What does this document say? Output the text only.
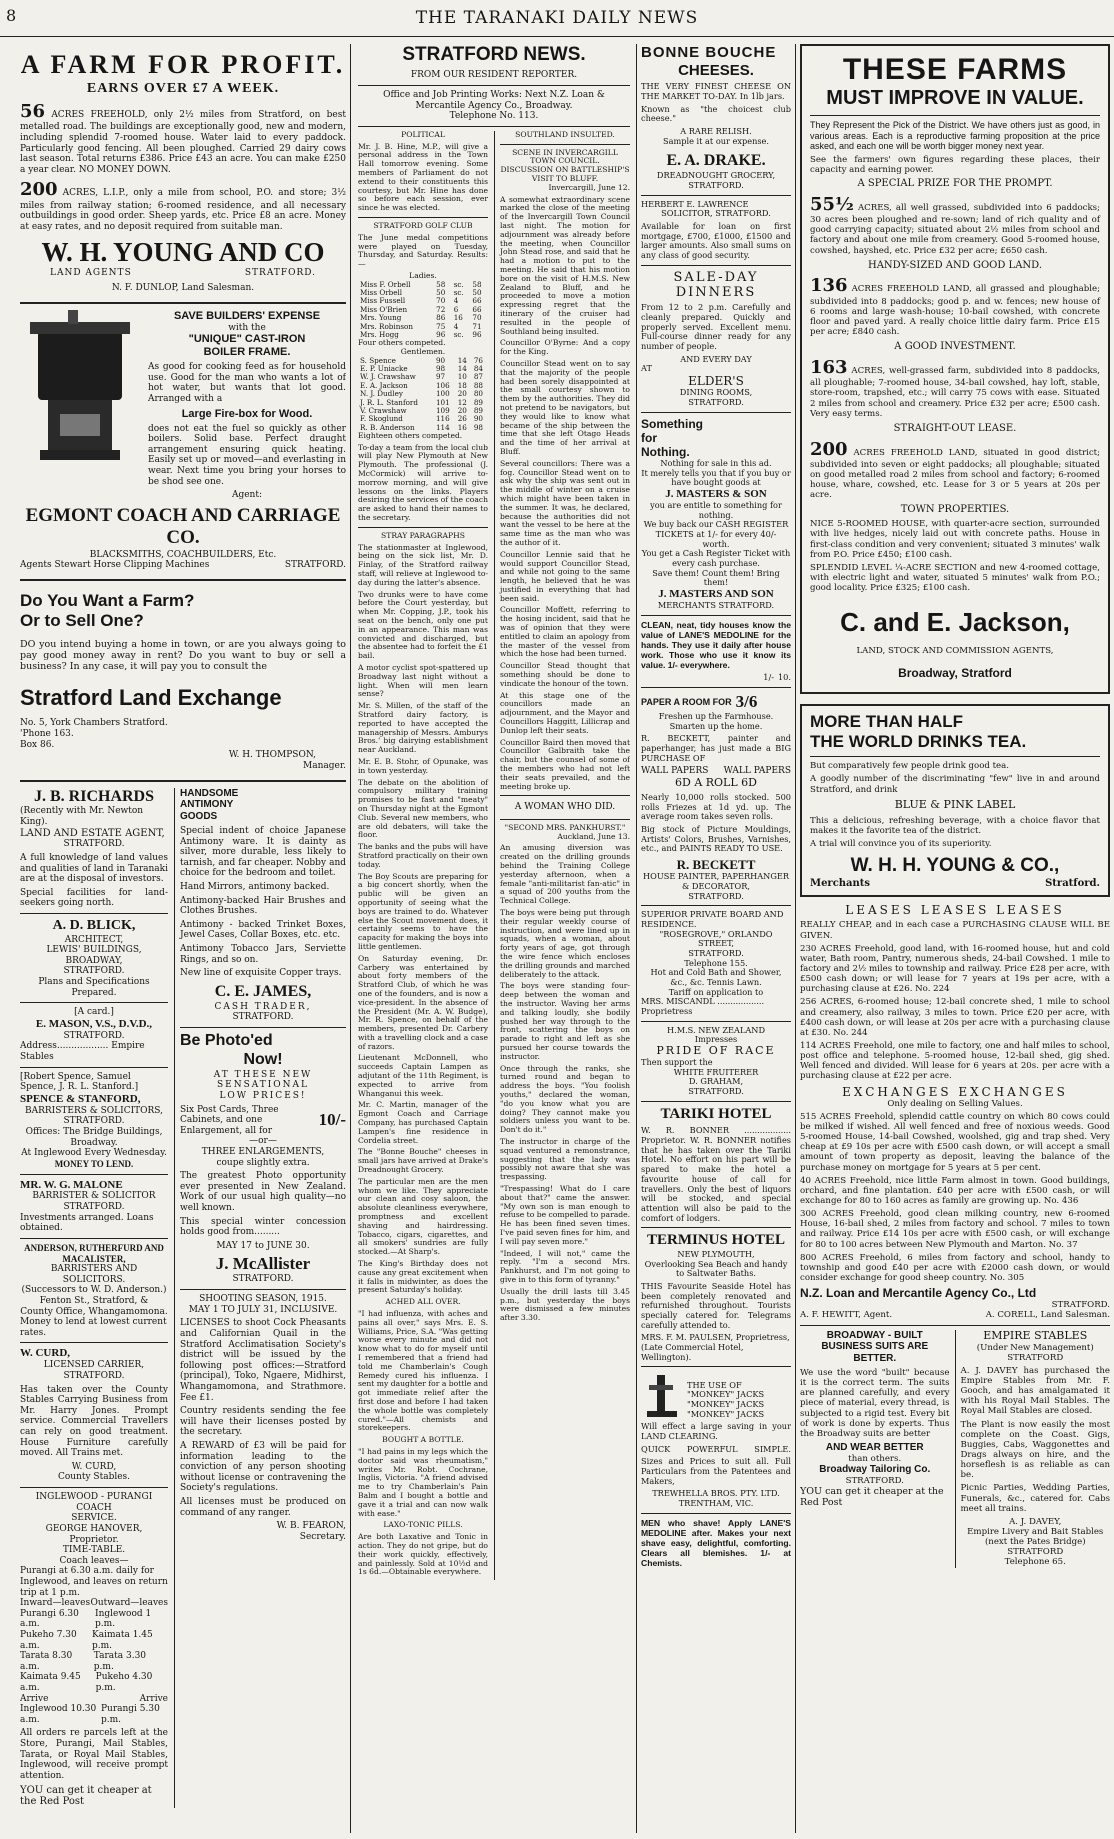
8	THE TARANAKI DAILY NEWS
A FARM FOR PROFIT.
EARNS OVER £7 A WEEK.
56 ACRES FREEHOLD, only 2½ miles from Stratford, on best metalled road. The buildings are exceptionally good, new and modern, including splendid 7-roomed house. Water laid to every paddock. Particularly good fencing. All been ploughed. Carried 29 dairy cows last season. Total returns £386. Price £43 an acre. You can make £250 a year clear. NO MONEY DOWN.
200 ACRES, L.I.P., only a mile from school, P.O. and store; 3½ miles from railway station; 6-roomed residence, and all necessary outbuildings in good order. Sheep yards, etc. Price £8 an acre. Money at easy rates, and no deposit required from suitable man.
W. H. YOUNG AND CO
LAND AGENTS	STRATFORD.
N. F. DUNLOP, Land Salesman.
SAVE BUILDERS' EXPENSE
with the
"UNIQUE" CAST-IRON
BOILER FRAME.
As good for cooking feed as for household use. Good for the man who wants a lot of hot water, but wants that lot good. Arranged with a
Large Fire-box for Wood.
does not eat the fuel so quickly as other boilers. Solid base. Perfect draught arrangement ensuring quick heating. Easily set up or moved—and everlasting in wear. Next time you bring your horses to be shod see one.
Agent:
EGMONT COACH AND CARRIAGE CO.
BLACKSMITHS, COACHBUILDERS, Etc.
Agents Stewart Horse Clipping Machines	STRATFORD.
Do You Want a Farm?
Or to Sell One?
DO you intend buying a home in town, or are you always going to pay good money away in rent? Do you want to buy or sell a business? In any case, it will pay you to consult the
Stratford Land Exchange
No. 5, York Chambers Stratford.
'Phone 163.
Box 86.
W. H. THOMPSON,
Manager.
J. B. RICHARDS
(Recently with Mr. Newton King).
LAND AND ESTATE AGENT,
STRATFORD.
A full knowledge of land values and qualities of land in Taranaki are at the disposal of investors.
Special facilities for land-seekers going north.
A. D. BLICK,
ARCHITECT,
LEWIS' BUILDINGS, BROADWAY,
STRATFORD.
Plans and Specifications Prepared.
[A card.]
E. MASON, V.S., D.V.D.,
STRATFORD.
Address.................. Empire Stables
[Robert Spence, Samuel Spence, J. R. L. Stanford.]
SPENCE & STANFORD,
BARRISTERS & SOLICITORS,
STRATFORD.
Offices: The Bridge Buildings, Broadway.
At Inglewood Every Wednesday.
MONEY TO LEND.
MR. W. G. MALONE
BARRISTER & SOLICITOR
STRATFORD.
Investments arranged. Loans obtained.
ANDERSON, RUTHERFURD AND MACALISTER,
BARRISTERS AND SOLICITORS.
(Successors to W. D. Anderson.)
Fenton St., Stratford, &
County Office, Whangamomona.
Money to lend at lowest current rates.
W. CURD,
LICENSED CARRIER,
STRATFORD.
Has taken over the County Stables Carrying Business from Mr. Harry Jones. Prompt service. Commercial Travellers can rely on good treatment. House Furniture carefully moved. All Trains met.
W. CURD,
County Stables.
INGLEWOOD - PURANGI COACH
SERVICE.
GEORGE HANOVER, Proprietor.
TIME-TABLE.
Coach leaves—
Purangi at 6.30 a.m. daily for Inglewood, and leaves on return trip at 1 p.m.
Inward—leaves Outward—leaves
Purangi 6.30 a.m.
Inglewood 1 p.m.
Pukeho 7.30 a.m.
Kaimata 1.45 p.m.
Tarata 8.30 a.m.
Tarata 3.30 p.m.
Kaimata 9.45 a.m.
Pukeho 4.30 p.m.
Arrive	Arrive
Inglewood 10.30 a.m.
Purangi 5.30 p.m.
All orders re parcels left at the Store, Purangi, Mail Stables, Tarata, or Royal Mail Stables, Inglewood, will receive prompt attention.
YOU can get it cheaper at the Red Post
HANDSOME
ANTIMONY
GOODS
Special indent of choice Japanese Antimony ware. It is dainty as silver, more durable, less likely to tarnish, and far cheaper. Nobby and choice for the bedroom and toilet.
Hand Mirrors, antimony backed.
Antimony-backed Hair Brushes and Clothes Brushes.
Antimony - backed Trinket Boxes, Jewel Cases, Collar Boxes, etc. etc.
Antimony Tobacco Jars, Serviette Rings, and so on.
New line of exquisite Copper trays.
C. E. JAMES,
CASH TRADER,
STRATFORD.
Be Photo'ed
Now!
AT THESE NEW
SENSATIONAL
LOW PRICES!
Six Post Cards, Three Cabinets, and one Enlargement, all for
10/-
—or—
THREE ENLARGEMENTS,
coupe slightly extra.
The greatest Photo opportunity ever presented in New Zealand. Work of our usual high quality—no well known.
This special winter concession holds good from.........
MAY 17 to JUNE 30.
J. McAllister
STRATFORD.
SHOOTING SEASON, 1915.
MAY 1 TO JULY 31, INCLUSIVE.
LICENSES to shoot Cock Pheasants and Californian Quail in the Stratford Acclimatisation Society's district will be issued by the following post offices:—Stratford (principal), Toko, Ngaere, Midhirst, Whangamomona, and Strathmore. Fee £1.
Country residents sending the fee will have their licenses posted by the secretary.
A REWARD of £3 will be paid for information leading to the conviction of any person shooting without license or contravening the Society's regulations.
All licenses must be produced on command of any ranger.
W. B. FEARON,
Secretary.
STRATFORD NEWS.
FROM OUR RESIDENT REPORTER.
Office and Job Printing Works: Next N.Z. Loan & Mercantile Agency Co., Broadway.
Telephone No. 113.
POLITICAL
Mr. J. B. Hine, M.P., will give a personal address in the Town Hall tomorrow evening. Some members of Parliament do not extend to their constituents this courtesy, but Mr. Hine has done so before each session, ever since he was elected.
STRATFORD GOLF CLUB
The June medal competitions were played on Tuesday, Thursday, and Saturday. Results:—
Ladies.
Miss F. Orbell	58	sc.	58
Miss Orbell	50	sc.	50
Miss Fussell	70	4	66
Miss O'Brien	72	6	66
Mrs. Young	86	16	70
Mrs. Robinson	75	4	71
Mrs. Hogg	96	sc.	96
Four others competed.
Gentlemen.
S. Spence	90	14	76
E. P. Uniacke	98	14	84
W. J. Crawshaw	97	10	87
E. A. Jackson	106	18	88
N. J. Dudley	100	20	80
J. R. L. Stanford	101	12	89
V. Crawshaw	109	20	89
F. Skoglund	116	26	90
R. B. Anderson	114	16	98
Eighteen others competed.
To-day a team from the local club will play New Plymouth at New Plymouth. The professional (J. McCormick) will arrive to-morrow morning, and will give lessons on the links. Players desiring the services of the coach are asked to hand their names to the secretary.
STRAY PARAGRAPHS
The stationmaster at Inglewood, being on the sick list, Mr. D. Finlay, of the Stratford railway staff, will relieve at Inglewood to-day during the latter's absence.
Two drunks were to have come before the Court yesterday, but when Mr. Copping, J.P., took his seat on the bench, only one put in an appearance. This man was convicted and discharged, but the absentee had to forfeit the £1 bail.
A motor cyclist spot-spattered up Broadway last night without a light. When will men learn sense?
Mr. S. Millen, of the staff of the Stratford dairy factory, is reported to have accepted the managership of Messrs. Amburys Bros.' big dairying establishment near Auckland.
Mr. E. B. Stohr, of Opunake, was in town yesterday.
The debate on the abolition of compulsory military training promises to be fast and "meaty" on Thursday night at the Egmont Club. Several new members, who are old debaters, will take the floor.
The banks and the pubs will have Stratford practically on their own today.
The Boy Scouts are preparing for a big concert shortly, when the public will be given an opportunity of seeing what the boys are trained to do. Whatever else the Scout movement does, it certainly seems to have the capacity for making the boys into little gentlemen.
On Saturday evening, Dr. Carbery was entertained by about forty members of the Stratford Club, of which he was one of the founders, and is now a vice-president. In the absence of the President (Mr. A. W. Budge), Mr. R. Spence, on behalf of the members, presented Dr. Carbery with a travelling clock and a case of razors.
Lieutenant McDonnell, who succeeds Captain Lampen as adjutant of the 11th Regiment, is expected to arrive from Whanganui this week.
Mr. C. Martin, manager of the Egmont Coach and Carriage Company, has purchased Captain Lampen's fine residence in Cordelia street.
The "Bonne Bouche" cheeses in small jars have arrived at Drake's Dreadnought Grocery.
The particular men are the men whom we like. They appreciate our clean and cosy saloon, the absolute cleanliness everywhere, promptness and excellent shaving and hairdressing. Tobacco, cigars, cigarettes, and all smokers' sundries are fully stocked.—At Sharp's.
The King's Birthday does not cause any great excitement when it falls in midwinter, as does the present Saturday's holiday.
ACHED ALL OVER.
"I had influenza, with aches and pains all over," says Mrs. E. S. Williams, Price, S.A. "Was getting worse every minute and did not know what to do for myself until I remembered that a friend had told me Chamberlain's Cough Remedy cured his influenza. I sent my daughter for a bottle and got immediate relief after the first dose and before I had taken the whole bottle was completely cured."—All chemists and storekeepers.
BOUGHT A BOTTLE.
"I had pains in my legs which the doctor said was rheumatism," writes Mr. Robt. Cochrane, Inglis, Victoria. "A friend advised me to try Chamberlain's Pain Balm and I bought a bottle and gave it a trial and can now walk with ease."
LAXO-TONIC PILLS.
Are both Laxative and Tonic in action. They do not gripe, but do their work quickly, effectively, and painlessly. Sold at 10½d and 1s 6d.—Obtainable everywhere.
SOUTHLAND INSULTED.
SCENE IN INVERCARGILL TOWN COUNCIL.
DISCUSSION ON BATTLESHIP'S VISIT TO BLUFF.
Invercargill, June 12.
A somewhat extraordinary scene marked the close of the meeting of the Invercargill Town Council last night. The motion for adjournment was already before the meeting, when Councillor John Stead rose, and said that he had a motion to put to the meeting. He said that his motion bore on the visit of H.M.S. New Zealand to Bluff, and he proceeded to move a motion expressing regret that the itinerary of the cruiser had resulted in the people of Southland being insulted.
Councillor O'Byrne: And a copy for the King.
Councillor Stead went on to say that the majority of the people had been sorely disappointed at the small courtesy shown to them by the authorities. They did not pretend to be navigators, but they would like to know what became of the ship between the time that she left Otago Heads and the time of her arrival at Bluff.
Several councillors: There was a fog. Councillor Stead went on to ask why the ship was sent out in the middle of winter on a cruise which might have been taken in the summer. It was, he declared, because the authorities did not want the vessel to be here at the same time as the man who was the author of it.
Councillor Lennie said that he would support Councillor Stead, and while not going to the same length, he believed that he was justified in everything that had been said.
Councillor Moffett, referring to the hosing incident, said that he was of opinion that they were entitled to claim an apology from the master of the vessel from which the hose had been turned.
Councillor Stead thought that something should be done to vindicate the honour of the town.
At this stage one of the councillors made an adjournment, and the Mayor and Councillors Haggitt, Lillicrap and Dunlop left their seats.
Councillor Baird then moved that Councillor Galbraith take the chair, but the counsel of some of the members who had not left their seats prevailed, and the meeting broke up.
A WOMAN WHO DID.
"SECOND MRS. PANKHURST."
Auckland, June 13.
An amusing diversion was created on the drilling grounds behind the Training College yesterday afternoon, when a female "anti-militarist fan-atic" in a squad of 200 youths from the Technical College.
The boys were being put through their regular weekly course of instruction, and were lined up in squads, when a woman, about forty years of age, got through the wire fence which encloses the drilling grounds and marched deliberately to the attack.
The boys were standing four-deep between the woman and the instructor. Waving her arms and talking loudly, she bodily pushed her way through to the front, scattering the boys on parade to right and left as she pursued her course towards the instructor.
Once through the ranks, she turned round and began to address the boys. "You foolish youths," declared the woman, "do you know what you are doing? They cannot make you soldiers unless you want to be. Don't do it."
The instructor in charge of the squad ventured a remonstrance, suggesting that the lady was possibly not aware that she was trespassing.
"Trespassing! What do I care about that?" came the answer. "My own son is man enough to refuse to be compelled to parade. He has been fined seven times. I've paid seven fines for him, and I will pay seven more."
"Indeed, I will not," came the reply. "I'm a second Mrs. Pankhurst, and I'm not going to give in to this form of tyranny."
Usually the drill lasts till 3.45 p.m., but yesterday the boys were dismissed a few minutes after 3.30.
BONNE BOUCHE
CHEESES.
THE VERY FINEST CHEESE ON THE MARKET TO-DAY. In 1lb jars.
Known as "the choicest club cheese."
A RARE RELISH.
Sample it at our expense.
E. A. DRAKE.
DREADNOUGHT GROCERY,
STRATFORD.
HERBERT E. LAWRENCE
SOLICITOR, STRATFORD.
Available for loan on first mortgage, £700, £1000, £1500 and larger amounts. Also small sums on any class of good security.
SALE-DAY
DINNERS
From 12 to 2 p.m. Carefully and cleanly prepared. Quickly and properly served. Excellent menu. Full-course dinner ready for any number of people.
AND EVERY DAY
AT
ELDER'S
DINING ROOMS,
STRATFORD.
Something
for
Nothing.
Nothing for sale in this ad.
It merely tells you that if you buy or have bought goods at
J. MASTERS & SON
you are entitle to something for nothing.
We buy back our CASH REGISTER TICKETS at 1/- for every 40/- worth.
You get a Cash Register Ticket with every cash purchase.
Save them! Count them! Bring them!
J. MASTERS AND SON
MERCHANTS STRATFORD.
CLEAN, neat, tidy houses know the value of LANE'S MEDOLINE for the hands. They use it daily after house work. Those who use it know its value. 1/- everywhere.
1/- 10.
PAPER A ROOM FOR 3/6
Freshen up the Farmhouse. Smarten up the home.
R. BECKETT, painter and paperhanger, has just made a BIG PURCHASE OF
WALL PAPERS WALL PAPERS
6D A ROLL 6D
Nearly 10,000 rolls stocked. 500 rolls Friezes at 1d yd. up. The average room takes seven rolls.
Big stock of Picture Mouldings, Artists' Colors, Brushes, Varnishes, etc., and PAINTS READY TO USE.
R. BECKETT
HOUSE PAINTER, PAPERHANGER & DECORATOR,
STRATFORD.
SUPERIOR PRIVATE BOARD AND RESIDENCE.
"ROSEGROVE," ORLANDO STREET,
STRATFORD.
Telephone 155.
Hot and Cold Bath and Shower, &c., &c. Tennis Lawn.
Tariff on application to
MRS. MISCANDL .................. Proprietress
H.M.S. NEW ZEALAND
Impresses
PRIDE OF RACE
Then support the
WHITE FRUITERER
D. GRAHAM,
STRATFORD.
TARIKI HOTEL
W. R. BONNER .................. Proprietor. W. R. BONNER notifies that he has taken over the Tariki Hotel. No effort on his part will be spared to make the hotel a favourite house of call for travellers. Only the best of liquors will be stocked, and special attention will also be paid to the comfort of lodgers.
TERMINUS HOTEL
NEW PLYMOUTH,
Overlooking Sea Beach and handy to Saltwater Baths.
THIS Favourite Seaside Hotel has been completely renovated and refurnished throughout. Tourists specially catered for. Telegrams carefully attended to.
MRS. F. M. PAULSEN, Proprietress,
(Late Commercial Hotel, Wellington).
THE USE OF
"MONKEY" JACKS
"MONKEY" JACKS
"MONKEY" JACKS
Will effect a large saving in your LAND CLEARING.
QUICK POWERFUL SIMPLE.
Sizes and Prices to suit all. Full Particulars from the Patentees and Makers,
TREWHELLA BROS. PTY. LTD.
TRENTHAM, VIC.
MEN who shave! Apply LANE'S MEDOLINE after. Makes your next shave easy, delightful, comforting. Clears all blemishes. 1/- at Chemists.
THESE FARMS
MUST IMPROVE IN VALUE.
They Represent the Pick of the District. We have others just as good, in various areas. Each is a reproductive farming proposition at the price asked, and each one will be worth bigger money next year.
See the farmers' own figures regarding these places, their capacity and earning power.
A SPECIAL PRIZE FOR THE PROMPT.
55½ ACRES, all well grassed, subdivided into 6 paddocks; 30 acres been ploughed and re-sown; land of rich quality and of good carrying capacity; situated about 2½ miles from school and factory and about one mile from creamery. Good 5-roomed house, cowshed, hayshed, etc. Price £32 per acre; £650 cash.
HANDY-SIZED AND GOOD LAND.
136 ACRES FREEHOLD LAND, all grassed and ploughable; subdivided into 8 paddocks; good p. and w. fences; new house of 6 rooms and large wash-house; 10-bail cowshed, with concrete floor and paved yard. A really choice little dairy farm. Price £15 per acre; £840 cash.
A GOOD INVESTMENT.
163 ACRES, well-grassed farm, subdivided into 8 paddocks, all ploughable; 7-roomed house, 34-bail cowshed, hay loft, stable, store-room, trapshed, etc.; will carry 75 cows with ease. Situated 2 miles from school and creamery. Price £32 per acre; £500 cash. Very easy terms.
STRAIGHT-OUT LEASE.
200 ACRES FREEHOLD LAND, situated in good district; subdivided into seven or eight paddocks; all ploughable; situated on good metalled road 2 miles from school and factory; 6-roomed house, whare, cowshed, etc. Lease for 3 or 5 years at 20s per acre.
TOWN PROPERTIES.
NICE 5-ROOMED HOUSE, with quarter-acre section, surrounded with live hedges, nicely laid out with concrete paths. House in first-class condition and very convenient; situated 3 minutes' walk from P.O. Price £450; £100 cash.
SPLENDID LEVEL ¼-ACRE SECTION and new 4-roomed cottage, with electric light and water, situated 5 minutes' walk from P.O.; good locality. Price £325; £100 cash.
C. and E. Jackson,
LAND, STOCK AND COMMISSION AGENTS,
Broadway, Stratford
MORE THAN HALF
THE WORLD DRINKS TEA.
But comparatively few people drink good tea.
A goodly number of the discriminating "few" live in and around Stratford, and drink
BLUE & PINK LABEL
This a delicious, refreshing beverage, with a choice flavor that makes it the favorite tea of the district.
A trial will convince you of its superiority.
W. H. H. YOUNG & CO.,
Merchants	Stratford.
LEASES LEASES LEASES
REALLY CHEAP, and in each case a PURCHASING CLAUSE WILL BE GIVEN.
230 ACRES Freehold, good land, with 16-roomed house, hut and cold water, Bath room, Pantry, numerous sheds, 24-bail Cowshed. 1 mile to factory and 2½ miles to township and railway. Price £28 per acre, with £500 cash down; or will lease for 7 years at 19s per acre, with a purchasing clause at £26. No. 224
256 ACRES, 6-roomed house; 12-bail concrete shed, 1 mile to school and creamery, also railway, 3 miles to town. Price £20 per acre, with £400 cash down, or will lease at 20s per acre with a purchasing clause at £30. No. 244
114 ACRES Freehold, one mile to factory, one and half miles to school, post office and telephone. 5-roomed house, 12-bail shed, gig shed. Well fenced and divided. Will lease for 6 years at 20s. per acre with a purchasing clause at £22 per acre.
EXCHANGES EXCHANGES
Only dealing on Selling Values.
515 ACRES Freehold, splendid cattle country on which 80 cows could be milked if wished. All well fenced and free of noxious weeds. Good 5-roomed House, 14-bail Cowshed, woolshed, gig and trap shed. Very cheap at £9 10s per acre with £500 cash down, or will accept a small amount of town property as deposit, leaving the balance of the purchase money on mortgage for 5 years at 5 per cent.
40 ACRES Freehold, nice little Farm almost in town. Good buildings, orchard, and fine plantation. £40 per acre with £500 cash, or will exchange for 80 to 160 acres as family are growing up. No. 436
300 ACRES Freehold, good clean milking country, new 6-roomed House, 16-bail shed, 2 miles from factory and school. 7 miles to town and railway. Price £14 10s per acre with £500 cash, or will exchange for 80 to 100 acres between New Plymouth and Marton. No. 37
800 ACRES Freehold, 6 miles from factory and school, handy to township and good £40 per acre with £2000 cash down, or would consider exchange for good sheep country. No. 305
N.Z. Loan and Mercantile Agency Co., Ltd
STRATFORD.
A. F. HEWITT, Agent.	A. CORELL, Land Salesman.
BROADWAY - BUILT BUSINESS SUITS ARE BETTER.
We use the word "built" because it is the correct term. The suits are planned carefully, and every piece of material, every thread, is subjected to a rigid test. Every bit of work is done by experts. Thus the Broadway suits are better
AND WEAR BETTER
than others.
Broadway Tailoring Co.
STRATFORD.
YOU can get it cheaper at the Red Post
EMPIRE STABLES
(Under New Management)
STRATFORD
A. J. DAVEY has purchased the Empire Stables from Mr. F. Gooch, and has amalgamated it with his Royal Mail Stables. The Royal Mail Stables are closed.
The Plant is now easily the most complete on the Coast. Gigs, Buggies, Cabs, Waggonettes and Drags always on hire, and the horseflesh is as reliable as can be.
Picnic Parties, Wedding Parties, Funerals, &c., catered for. Cabs meet all trains.
A. J. DAVEY,
Empire Livery and Bait Stables
(next the Pates Bridge)
STRATFORD
Telephone 65.
